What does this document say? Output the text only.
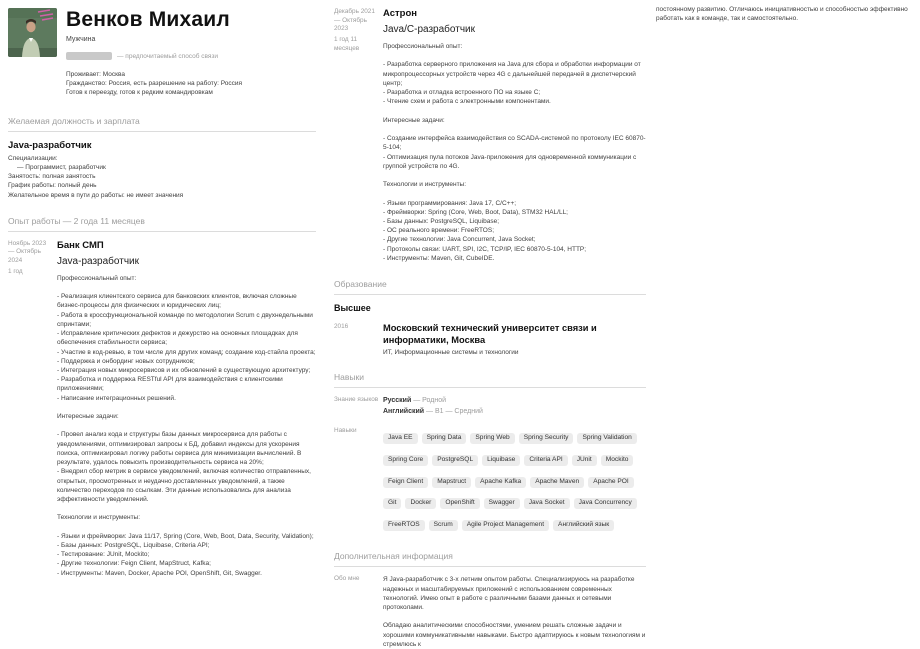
Венков Михаил
Мужчина
— предпочитаемый способ связи
Проживает: Москва
Гражданство: Россия, есть разрешение на работу: Россия
Готов к переезду, готов к редким командировкам
Желаемая должность и зарплата
Java-разработчик
Специализации:
— Программист, разработчик
Занятость: полная занятость
График работы: полный день
Желательное время в пути до работы: не имеет значения
Опыт работы — 2 года 11 месяцев
Ноябрь 2023 — Октябрь 2024
1 год
Банк СМП
Java-разработчик
Профессиональный опыт:
- Реализация клиентского сервиса для банковских клиентов, включая сложные бизнес-процессы для физических и юридических лиц;
- Работа в кроссфункциональной команде по методологии Scrum с двухнедельными спринтами;
- Исправление критических дефектов и дежурство на основных площадках для обеспечения стабильности сервиса;
- Участие в код-ревью, в том числе для других команд; создание код-стайла проекта;
- Поддержка и онбординг новых сотрудников;
- Интеграция новых микросервисов и их обновлений в существующую архитектуру;
- Разработка и поддержка RESTful API для взаимодействия с клиентскими приложениями;
- Написание интеграционных решений.
Интересные задачи:
- Провел анализ кода и структуры базы данных микросервиса для работы с уведомлениями, оптимизировал запросы к БД, добавил индексы для ускорения поиска, оптимизировал логику работы сервиса для минимизации вычислений. В результате, удалось повысить производительность сервиса на 20%;
- Внедрил сбор метрик в сервисе уведомлений, включая количество отправленных, открытых, просмотренных и неудачно доставленных уведомлений, а также количество переходов по ссылкам. Эти данные использовались для анализа эффективности уведомлений.
Технологии и инструменты:
- Языки и фреймворки: Java 11/17, Spring (Core, Web, Boot, Data, Security, Validation);
- Базы данных: PostgreSQL, Liquibase, Criteria API;
- Тестирование: JUnit, Mockito;
- Другие технологии: Feign Client, MapStruct, Kafka;
- Инструменты: Maven, Docker, Apache POI, OpenShift, Git, Swagger.
Декабрь 2021 — Октябрь 2023
1 год 11 месяцев
Астрон
Java/C-разработчик
Профессиональный опыт:
- Разработка серверного приложения на Java для сбора и обработки информации от микропроцессорных устройств через 4G с дальнейшей передачей в диспетчерский центр;
- Разработка и отладка встроенного ПО на языке C;
- Чтение схем и работа с электронными компонентами.
Интересные задачи:
- Создание интерфейса взаимодействия со SCADA-системой по протоколу IEC 60870-5-104;
- Оптимизация пула потоков Java-приложения для одновременной коммуникации с группой устройств по 4G.
Технологии и инструменты:
- Языки программирования: Java 17, C/C++;
- Фреймворки: Spring (Core, Web, Boot, Data), STM32 HAL/LL;
- Базы данных: PostgreSQL, Liquibase;
- ОС реального времени: FreeRTOS;
- Другие технологии: Java Concurrent, Java Socket;
- Протоколы связи: UART, SPI, I2C, TCP/IP, IEC 60870-5-104, HTTP;
- Инструменты: Maven, Git, CubeIDE.
Образование
Высшее
2016	Московский технический университет связи и информатики, Москва
ИТ, Информационные системы и технологии
Навыки
Знание языков Русский — Родной
Английский — B1 — Средний
Навыки
Java EE Spring Data Spring Web Spring Security Spring ValidationSpring Core PostgreSQL Liquibase Criteria API JUnit MockitoFeign Client Mapstruct Apache Kafka Apache Maven Apache POIGit Docker OpenShift Swagger Java Socket Java ConcurrencyFreeRTOS Scrum Agile Project Management Английский язык
Дополнительная информация
Обо мне	Я Java-разработчик с 3-х летним опытом работы. Специализируюсь на разработке надежных и масштабируемых приложений с использованием современных технологий. Имею опыт в работе с различными базами данных и сетевыми протоколами.
Обладаю аналитическими способностями, умением решать сложные задачи и хорошими коммуникативными навыками. Быстро адаптируюсь к новым технологиям и стремлюсь к
постоянному развитию. Отличаюсь инициативностью и способностью эффективно работать как в команде, так и самостоятельно.
